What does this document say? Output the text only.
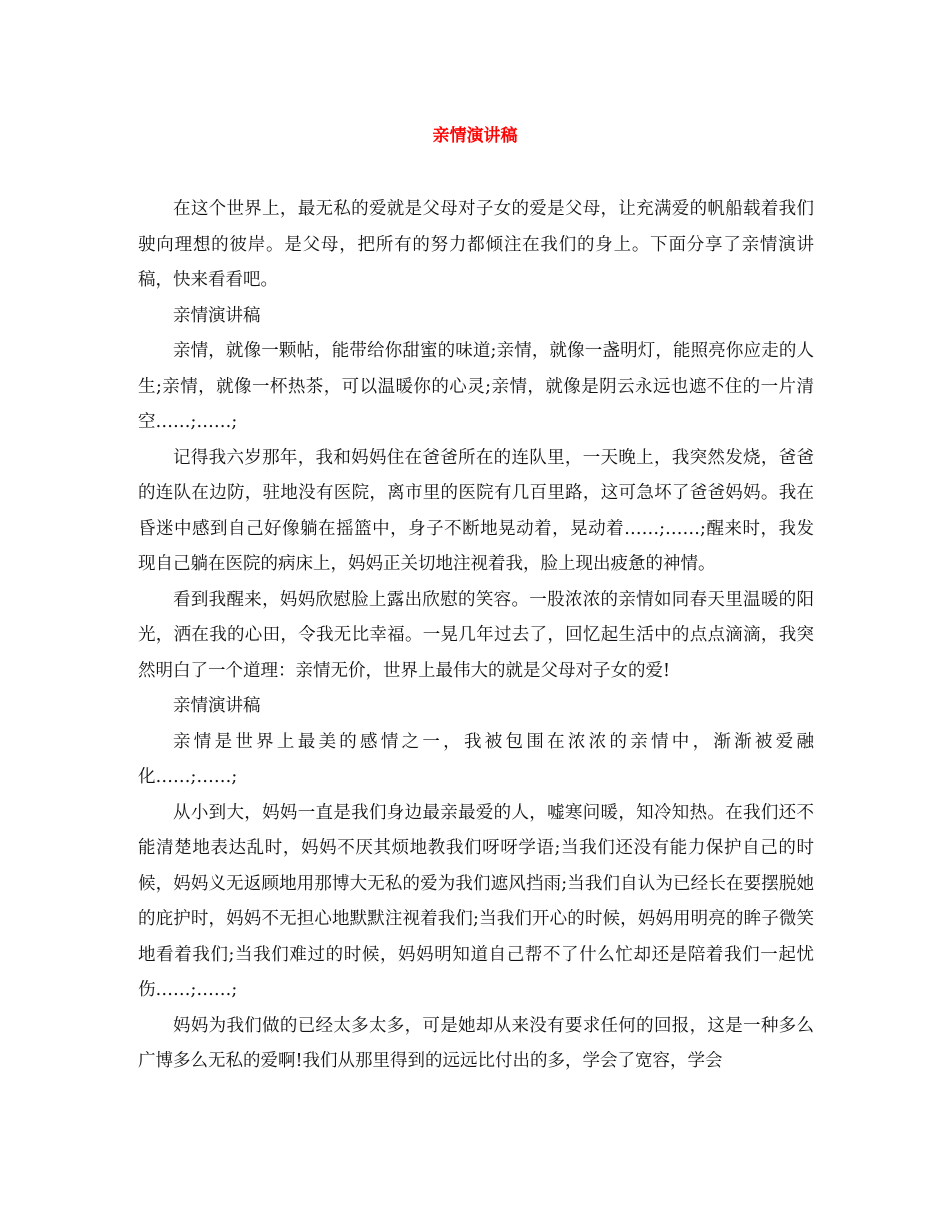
亲情演讲稿

在这个世界上，最无私的爱就是父母对子女的爱是父母，让充满爱的帆船载着我们驶向理想的彼岸。是父母，把所有的努力都倾注在我们的身上。下面分享了亲情演讲稿，快来看看吧。

亲情演讲稿

亲情，就像一颗帖，能带给你甜蜜的味道;亲情，就像一盏明灯，能照亮你应走的人生;亲情，就像一杯热茶，可以温暖你的心灵;亲情，就像是阴云永远也遮不住的一片清空……;……;

记得我六岁那年，我和妈妈住在爸爸所在的连队里，一天晚上，我突然发烧，爸爸的连队在边防，驻地没有医院，离市里的医院有几百里路，这可急坏了爸爸妈妈。我在昏迷中感到自己好像躺在摇篮中，身子不断地晃动着，晃动着……;……;醒来时，我发现自己躺在医院的病床上，妈妈正关切地注视着我，脸上现出疲惫的神情。

看到我醒来，妈妈欣慰脸上露出欣慰的笑容。一股浓浓的亲情如同春天里温暖的阳光，洒在我的心田，令我无比幸福。一晃几年过去了，回忆起生活中的点点滴滴，我突然明白了一个道理：亲情无价，世界上最伟大的就是父母对子女的爱!

亲情演讲稿

亲情是世界上最美的感情之一，我被包围在浓浓的亲情中，渐渐被爱融化……;……;

从小到大，妈妈一直是我们身边最亲最爱的人，嘘寒问暖，知冷知热。在我们还不能清楚地表达乱时，妈妈不厌其烦地教我们呀呀学语;当我们还没有能力保护自己的时候，妈妈义无返顾地用那博大无私的爱为我们遮风挡雨;当我们自认为已经长在要摆脱她的庇护时，妈妈不无担心地默默注视着我们;当我们开心的时候，妈妈用明亮的眸子微笑地看着我们;当我们难过的时候，妈妈明知道自己帮不了什么忙却还是陪着我们一起忧伤……;……;

妈妈为我们做的已经太多太多，可是她却从来没有要求任何的回报，这是一种多么广博多么无私的爱啊!我们从那里得到的远远比付出的多，学会了宽容，学会
